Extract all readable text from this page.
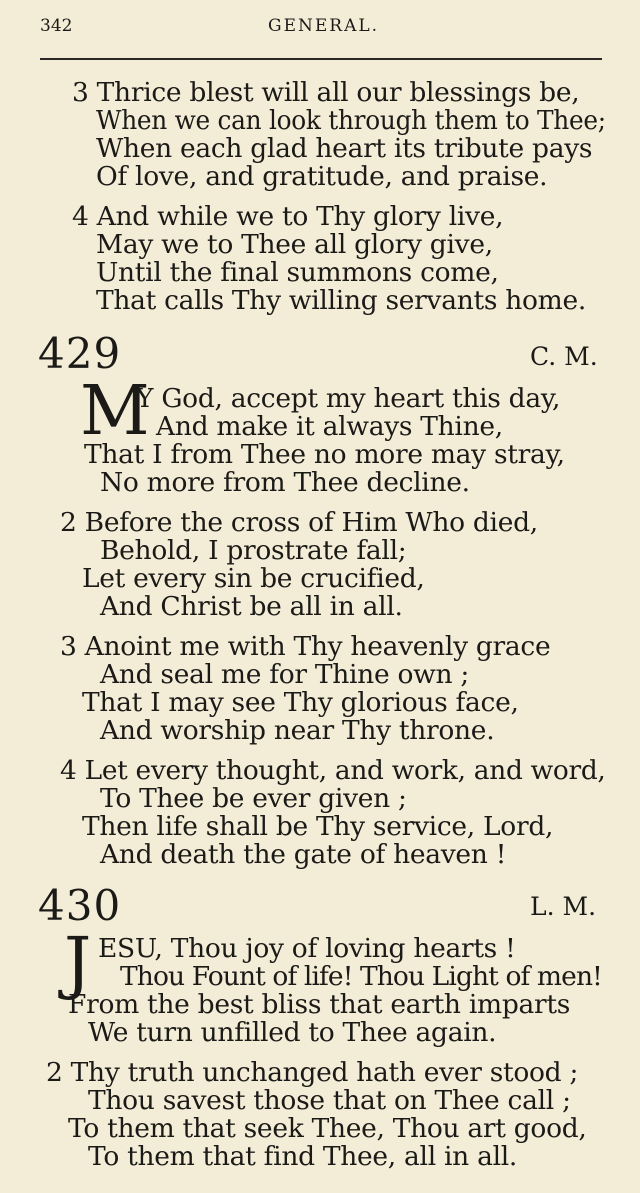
342	GENERAL.
3 Thrice blest will all our blessings be,
When we can look through them to Thee;
When each glad heart its tribute pays
Of love, and gratitude, and praise.
4 And while we to Thy glory live,
May we to Thee all glory give,
Until the final summons come,
That calls Thy willing servants home.
429	C. M.
M
Y God, accept my heart this day,
And make it always Thine,
That I from Thee no more may stray,
No more from Thee decline.
2 Before the cross of Him Who died,
Behold, I prostrate fall;
Let every sin be crucified,
And Christ be all in all.
3 Anoint me with Thy heavenly grace
And seal me for Thine own ;
That I may see Thy glorious face,
And worship near Thy throne.
4 Let every thought, and work, and word,
To Thee be ever given ;
Then life shall be Thy service, Lord,
And death the gate of heaven !
430	L. M.
J ESU, Thou joy of loving hearts !
Thou Fount of life! Thou Light of men!
From the best bliss that earth imparts
We turn unfilled to Thee again.
2 Thy truth unchanged hath ever stood ;
Thou savest those that on Thee call ;
To them that seek Thee, Thou art good,
To them that find Thee, all in all.
